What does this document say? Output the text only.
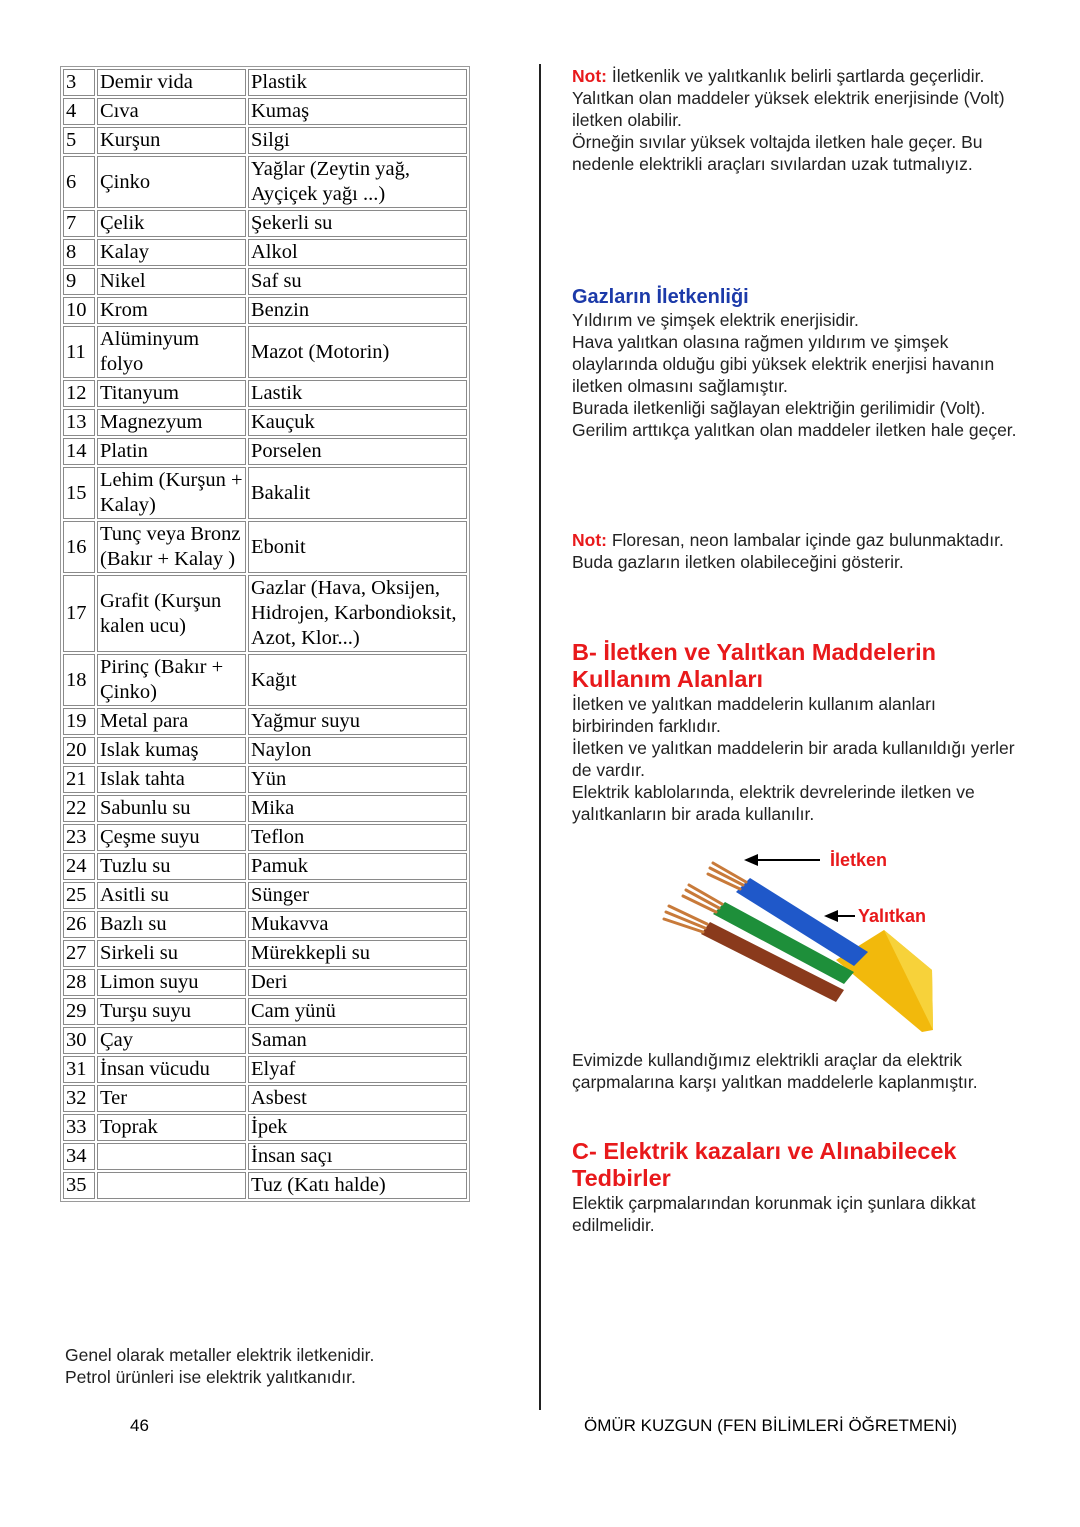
3	Demir vida	Plastik
4	Cıva	Kumaş
5	Kurşun	Silgi
6	Çinko	Yağlar (Zeytin yağ, Ayçiçek yağı ...)
7	Çelik	Şekerli su
8	Kalay	Alkol
9	Nikel	Saf su
10	Krom	Benzin
11	Alüminyum folyo	Mazot (Motorin)
12	Titanyum	Lastik
13	Magnezyum	Kauçuk
14	Platin	Porselen
15	Lehim (Kurşun + Kalay)	Bakalit
16	Tunç veya Bronz (Bakır + Kalay )	Ebonit
17	Grafit (Kurşun kalen ucu)	Gazlar (Hava, Oksijen, Hidrojen, Karbondioksit, Azot, Klor...)
18	Pirinç (Bakır + Çinko)	Kağıt
19	Metal para	Yağmur suyu
20	Islak kumaş	Naylon
21	Islak tahta	Yün
22	Sabunlu su	Mika
23	Çeşme suyu	Teflon
24	Tuzlu su	Pamuk
25	Asitli su	Sünger
26	Bazlı su	Mukavva
27	Sirkeli su	Mürekkepli su
28	Limon suyu	Deri
29	Turşu suyu	Cam yünü
30	Çay	Saman
31	İnsan vücudu	Elyaf
32	Ter	Asbest
33	Toprak	İpek
34		İnsan saçı
35		Tuz (Katı halde)
Genel olarak metaller elektrik iletkenidir.
Petrol ürünleri ise elektrik yalıtkanıdır.
Not: İletkenlik ve yalıtkanlık belirli şartlarda geçerlidir.
Yalıtkan olan maddeler yüksek elektrik enerjisinde (Volt) iletken olabilir.
Örneğin sıvılar yüksek voltajda iletken hale geçer. Bu nedenle elektrikli araçları sıvılardan uzak tutmalıyız.
Gazların İletkenliği
Yıldırım ve şimşek elektrik enerjisidir.
Hava yalıtkan olasına rağmen yıldırım ve şimşek olaylarında olduğu gibi yüksek elektrik enerjisi havanın iletken olmasını sağlamıştır.
Burada iletkenliği sağlayan elektriğin gerilimidir (Volt).
Gerilim arttıkça yalıtkan olan maddeler iletken hale geçer.
Not: Floresan, neon lambalar içinde gaz bulunmaktadır. Buda gazların iletken olabileceğini gösterir.
B- İletken ve Yalıtkan Maddelerin Kullanım Alanları
İletken ve yalıtkan maddelerin kullanım alanları birbirinden farklıdır.
İletken ve yalıtkan maddelerin bir arada kullanıldığı yerler de vardır.
Elektrik kablolarında, elektrik devrelerinde iletken ve yalıtkanların bir arada kullanılır.
İletken
Yalıtkan
Evimizde kullandığımız elektrikli araçlar da elektrik çarpmalarına karşı yalıtkan maddelerle kaplanmıştır.
C- Elektrik kazaları ve Alınabilecek Tedbirler
Elektik çarpmalarından korunmak için şunlara dikkat edilmelidir.
46	ÖMÜR KUZGUN (FEN BİLİMLERİ ÖĞRETMENİ)
